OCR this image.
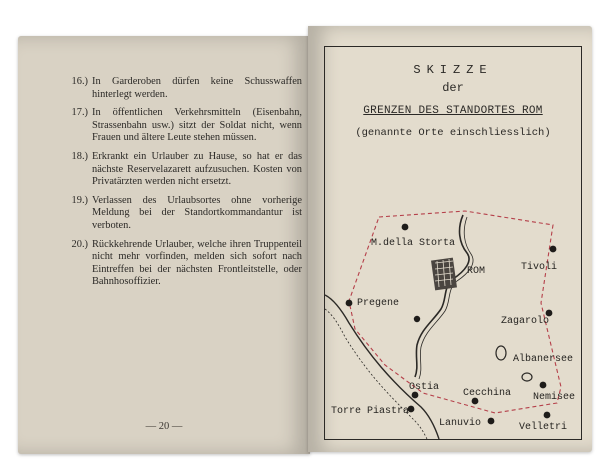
16.) In Garderoben dürfen keine Schusswaffen hinterlegt werden.
17.) In öffentlichen Verkehrsmitteln (Eisenbahn, Strassenbahn usw.) sitzt der Soldat nicht, wenn Frauen und ältere Leute stehen müssen.
18.) Erkrankt ein Urlauber zu Hause, so hat er das nächste Reservelazarett aufzusuchen. Kosten von Privatärzten werden nicht ersetzt.
19.) Verlassen des Urlaubsortes ohne vorherige Meldung bei der Standortkommandantur ist verboten.
20.) Rückkehrende Urlauber, welche ihren Truppenteil nicht mehr vorfinden, melden sich sofort nach Eintreffen bei der nächsten Frontleitstelle, oder Bahnhosoffizier.
— 20 —
SKIZZE
der
GRENZEN DES STANDORTES ROM
(genannte Orte einschliesslich)
M.della Storta
ROM	Tivoli
Pregene
Zagarolo
Albanersee
Ostia
Cecchina Nemisee
Torre Piastra
Lanuvio	Velletri
